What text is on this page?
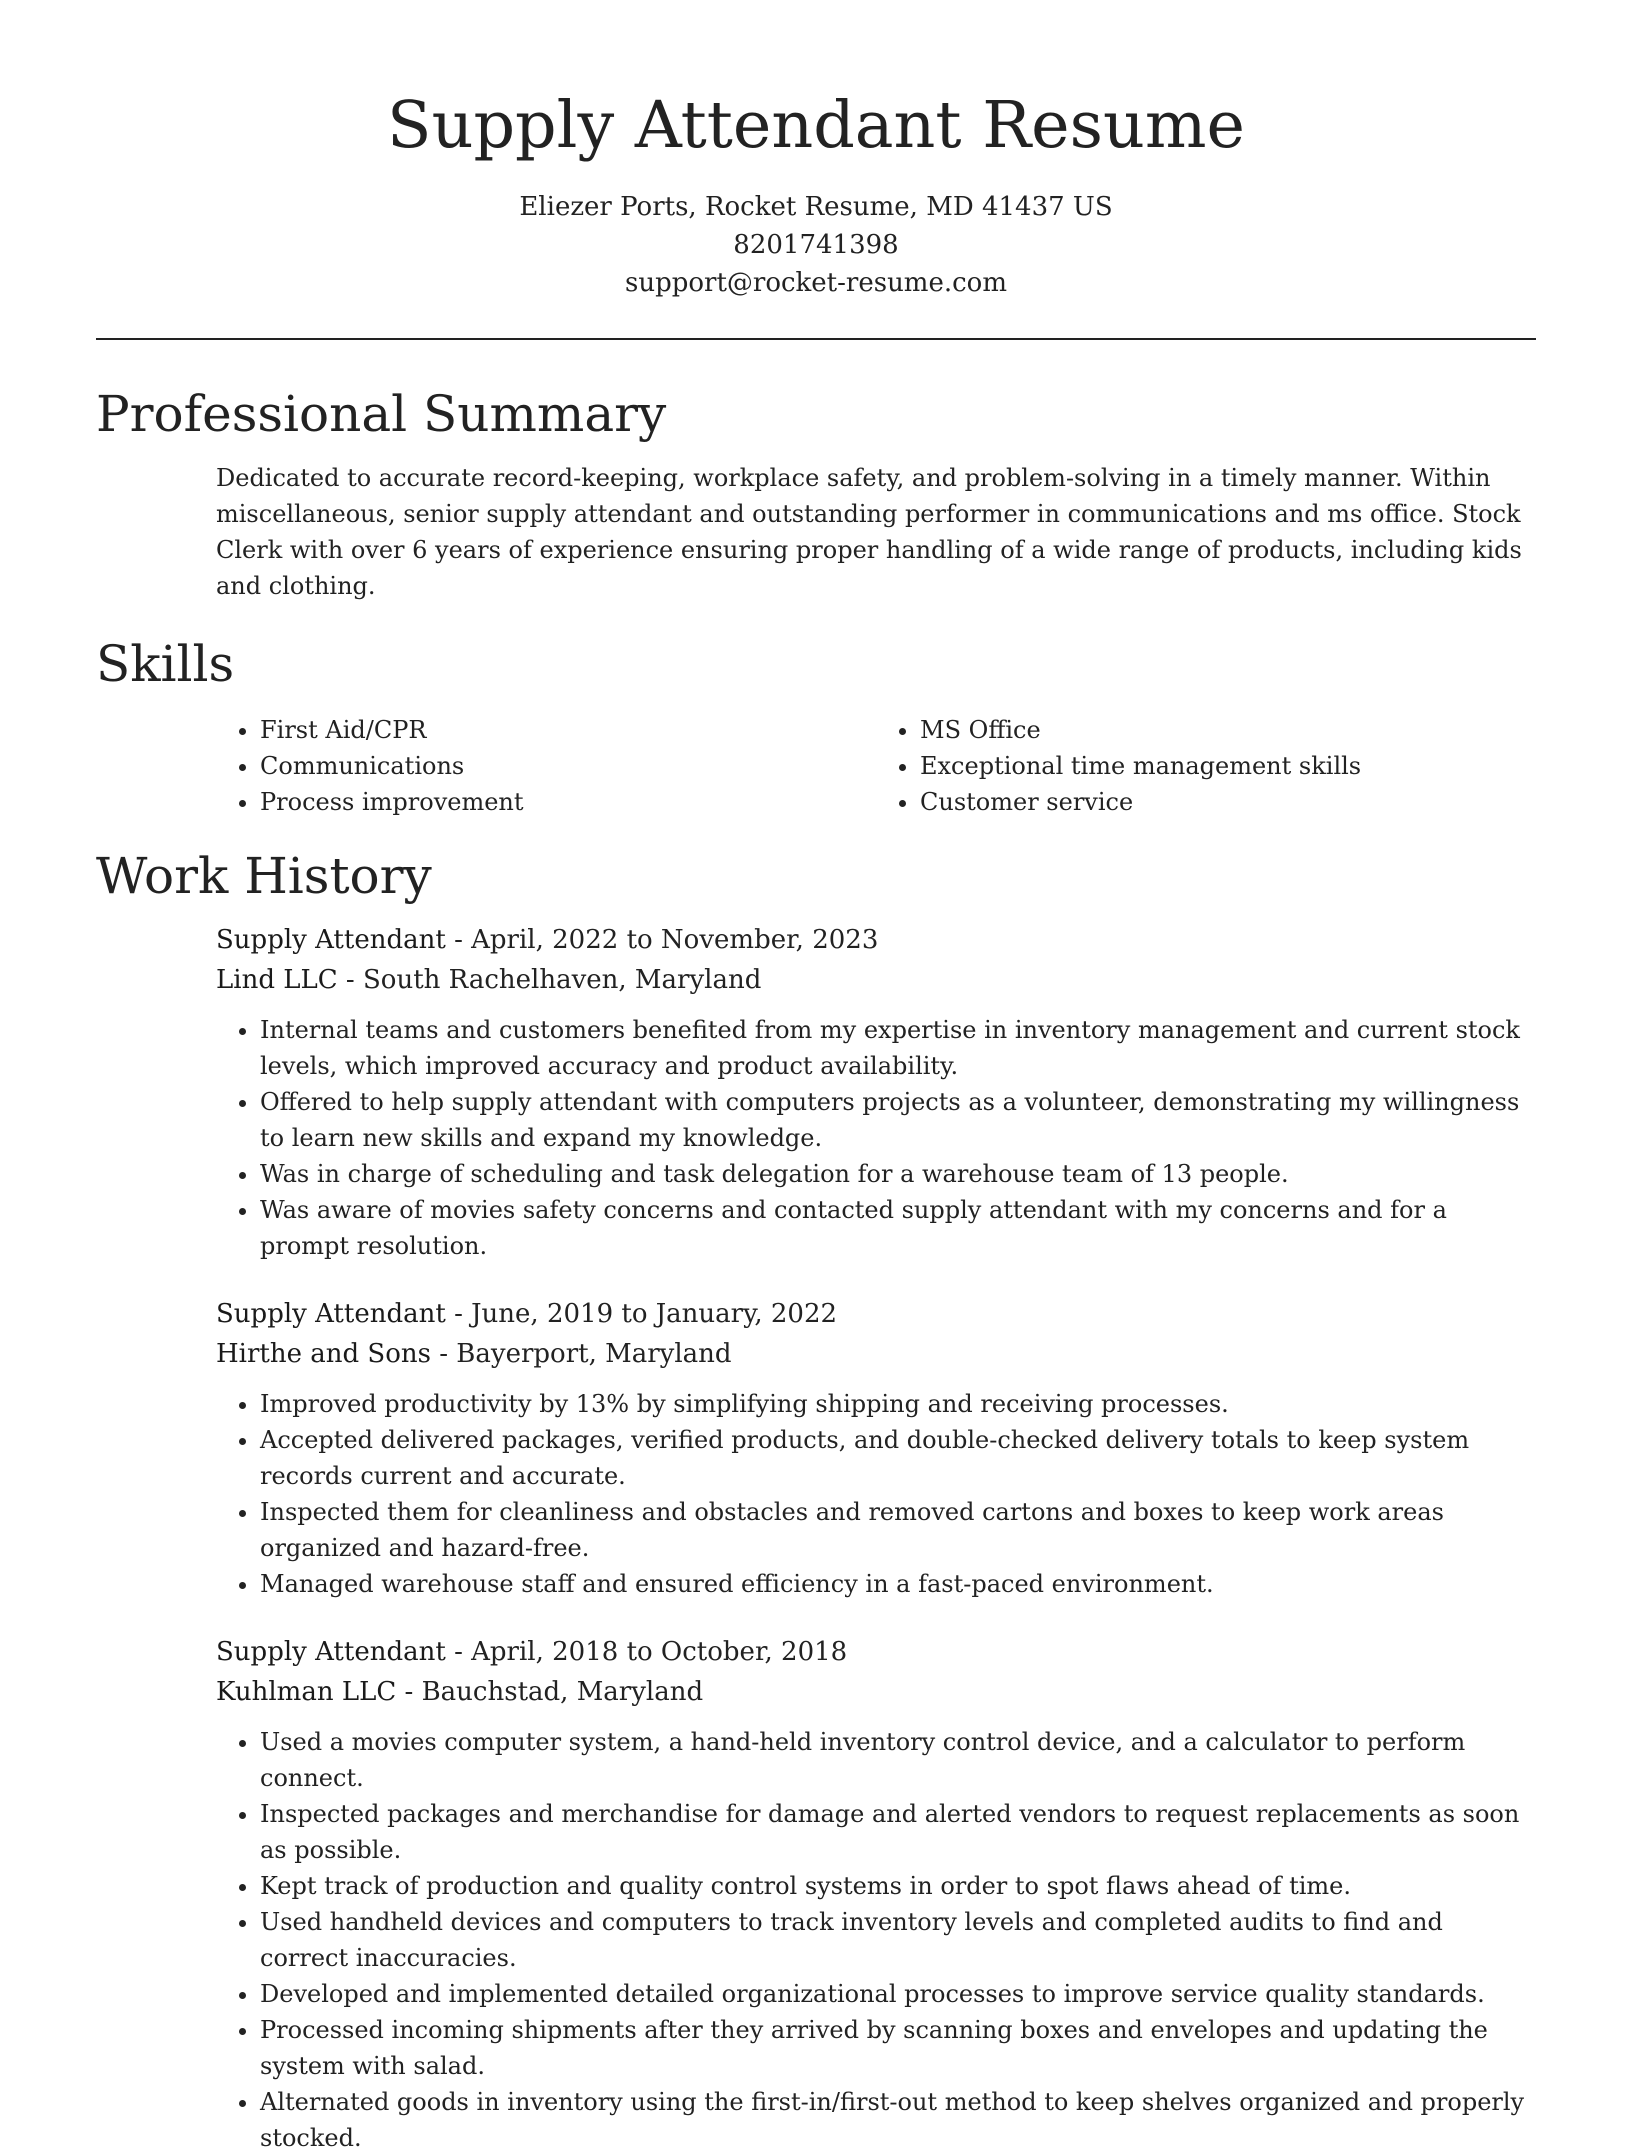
Supply Attendant Resume
Eliezer Ports, Rocket Resume, MD 41437 US
8201741398
support@rocket-resume.com
Professional Summary
Dedicated to accurate record-keeping, workplace safety, and problem-solving in a timely manner. Within miscellaneous, senior supply attendant and outstanding performer in communications and ms office. Stock Clerk with over 6 years of experience ensuring proper handling of a wide range of products, including kids and clothing.
Skills
• First Aid/CPR
• Communications
• Process improvement
• MS Office
• Exceptional time management skills
• Customer service
Work History
Supply Attendant - April, 2022 to November, 2023
Lind LLC - South Rachelhaven, Maryland
• Internal teams and customers benefited from my expertise in inventory management and current stock levels, which improved accuracy and product availability.
• Offered to help supply attendant with computers projects as a volunteer, demonstrating my willingness to learn new skills and expand my knowledge.
• Was in charge of scheduling and task delegation for a warehouse team of 13 people.
• Was aware of movies safety concerns and contacted supply attendant with my concerns and for a prompt resolution.
Supply Attendant - June, 2019 to January, 2022
Hirthe and Sons - Bayerport, Maryland
• Improved productivity by 13% by simplifying shipping and receiving processes.
• Accepted delivered packages, verified products, and double-checked delivery totals to keep system records current and accurate.
• Inspected them for cleanliness and obstacles and removed cartons and boxes to keep work areas organized and hazard-free.
• Managed warehouse staff and ensured efficiency in a fast-paced environment.
Supply Attendant - April, 2018 to October, 2018
Kuhlman LLC - Bauchstad, Maryland
• Used a movies computer system, a hand-held inventory control device, and a calculator to perform connect.
• Inspected packages and merchandise for damage and alerted vendors to request replacements as soon as possible.
• Kept track of production and quality control systems in order to spot flaws ahead of time.
• Used handheld devices and computers to track inventory levels and completed audits to find and correct inaccuracies.
• Developed and implemented detailed organizational processes to improve service quality standards.
• Processed incoming shipments after they arrived by scanning boxes and envelopes and updating the system with salad.
• Alternated goods in inventory using the first-in/first-out method to keep shelves organized and properly stocked.
